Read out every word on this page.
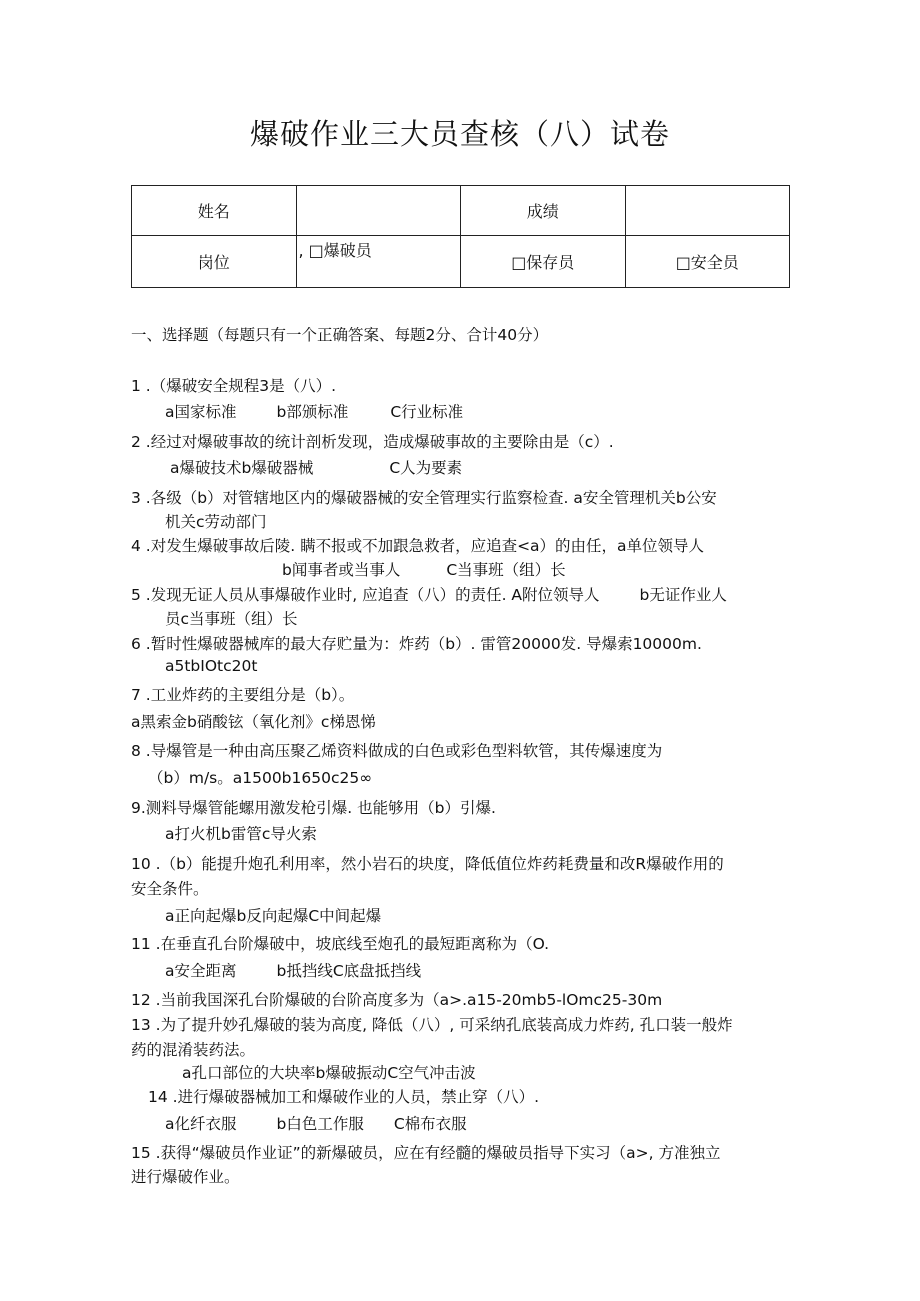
爆破作业三大员查核（八）试卷
姓名		成绩	
岗位	, □爆破员	□保存员	□安全员
一、选择题（每题只有一个正确答案、每题2分、合计40分）
1 .（爆破安全规程3是（八）.
a国家标准	b部颁标准	C行业标准
2 .经过对爆破事故的统计剖析发现，造成爆破事故的主要除由是（c）.
a爆破技术b爆破器械	C人为要素
3 .各级（b）对管辖地区内的爆破器械的安全管理实行监察检查. a安全管理机关b公安
机关c劳动部门
4 .对发生爆破事故后陵. 瞒不报或不加跟急救者，应追查<a）的由任，a单位领导人
b闻事者或当事人	C当事班（组）长
5 .发现无证人员从事爆破作业时, 应追查（八）的责任. A附位领导人	b无证作业人
员c当事班（组）长
6 .暂时性爆破器械库的最大存贮量为：炸药（b）. 雷管20000发. 导爆索10000m.
a5tbIOtc20t
7 .工业炸药的主要组分是（b）。
a黑索金b硝酸铉（氧化剂》c梯恩悌
8 .导爆管是一种由高压聚乙烯资料做成的白色或彩色型料软管，其传爆速度为
（b）m/s。a1500b1650c25∞
9.测料导爆管能螺用激发枪引爆. 也能够用（b）引爆.
a打火机b雷管c导火索
10 .（b）能提升炮孔利用率，然小岩石的块度，降低值位炸药耗费量和改R爆破作用的
安全条件。
a正向起爆b反向起爆C中间起爆
11 .在垂直孔台阶爆破中，坡底线至炮孔的最短距离称为（O.
a安全距离	b抵挡线C底盘抵挡线
12 .当前我国深孔台阶爆破的台阶高度多为（a>.a15-20mb5-lOmc25-30m
13 .为了提升妙孔爆破的装为高度, 降低（八）, 可采纳孔底装高成力炸药, 孔口装一般炸
药的混淆装药法。
a孔口部位的大块率b爆破振动C空气冲击波
14 .进行爆破器械加工和爆破作业的人员，禁止穿（八）.
a化纤衣服	b白色工作服 C棉布衣服
15 .获得“爆破员作业证”的新爆破员，应在有经髓的爆破员指导下实习（a>, 方准独立
进行爆破作业。
